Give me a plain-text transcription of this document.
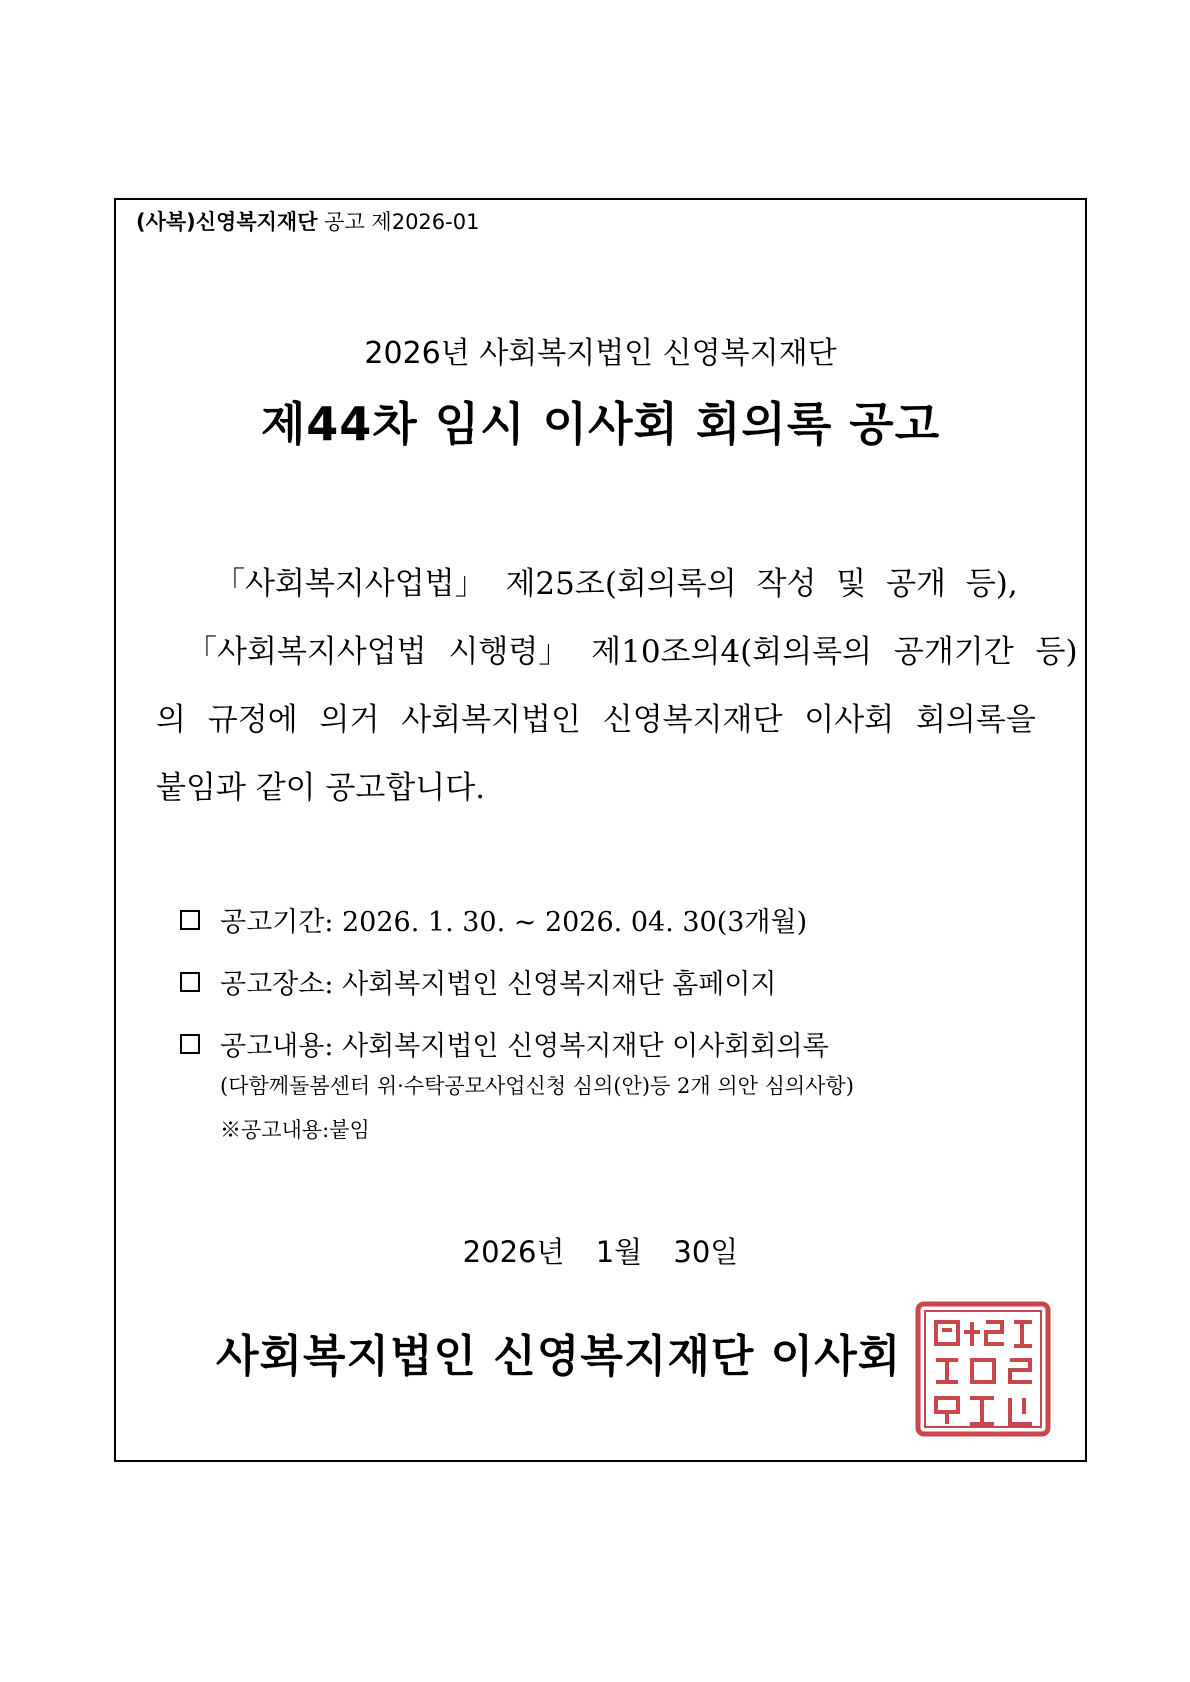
(사복)신영복지재단 공고 제2026-01
2026년 사회복지법인 신영복지재단
제44차 임시 이사회 회의록 공고
「사회복지사업법」 제25조(회의록의 작성 및 공개 등),
「사회복지사업법 시행령」 제10조의4(회의록의 공개기간 등)
의 규정에 의거 사회복지법인 신영복지재단 이사회 회의록을
붙임과 같이 공고합니다.
공고기간: 2026. 1. 30. ~ 2026. 04. 30(3개월)
공고장소: 사회복지법인 신영복지재단 홈페이지
공고내용: 사회복지법인 신영복지재단 이사회회의록
(다함께돌봄센터 위·수탁공모사업신청 심의(안)등 2개 의안 심의사항)
※공고내용:붙임
2026년 1월 30일
사회복지법인 신영복지재단 이사회
